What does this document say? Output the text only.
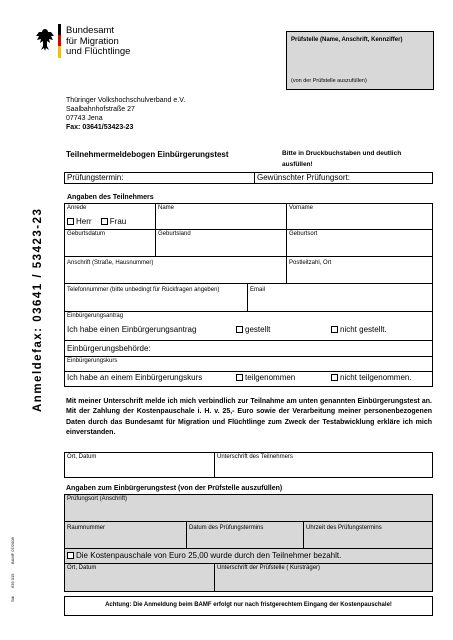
Bundesamt
für Migration
und Flüchtlinge
Prüfstelle (Name, Anschrift, Kennziffer)
(von der Prüfstelle auszufüllen)
Thüringer Volkshochschulverband e.V.
Saalbahnhofstraße 27
07743 Jena
Fax: 03641/53423-23
Anmeldefax: 03641 / 53423-23
Stk
635 015
BAMF 07/2008
Teilnehmermeldebogen Einbürgerungstest	Bitte in Druckbuchstaben und deutlich
ausfüllen!
Prüfungstermin:	Gewünschter Prüfungsort:
Angaben des Teilnehmers
Anrede	Name	Vorname
Herr Frau
Geburtsdatum	Geburtsland	Geburtsort
Anschrift (Straße, Hausnummer)	Postleitzahl, Ort
Telefonnummer (bitte unbedingt für Rückfragen angeben)	Email
Einbürgerungsantrag
Ich habe einen Einbürgerungsantrag	gestellt	nicht gestellt.
Einbürgerungsbehörde:
Einbürgerungskurs
Ich habe an einem Einbürgerungskurs	teilgenommen	nicht teilgenommen.
Mit meiner Unterschrift melde ich mich verbindlich zur Teilnahme am unten genannten Einbürgerungstest an. Mit der Zahlung der Kostenpauschale i. H. v. 25,- Euro sowie der Verarbeitung meiner personenbezogenen Daten durch das Bundesamt für Migration und Flüchtlinge zum Zweck der Testabwicklung erkläre ich mich einverstanden.
Ort, Datum	Unterschrift des Teilnehmers
Angaben zum Einbürgerungstest (von der Prüfstelle auszufüllen)
Prüfungsort (Anschrift)
Raumnummer	Datum des Prüfungstermins	Uhrzeit des Prüfungstermins
Die Kostenpauschale von Euro 25,00 wurde durch den Teilnehmer bezahlt.
Ort, Datum	Unterschrift der Prüfstelle ( Kursträger)
Achtung: Die Anmeldung beim BAMF erfolgt nur nach fristgerechtem Eingang der Kostenpauschale!
